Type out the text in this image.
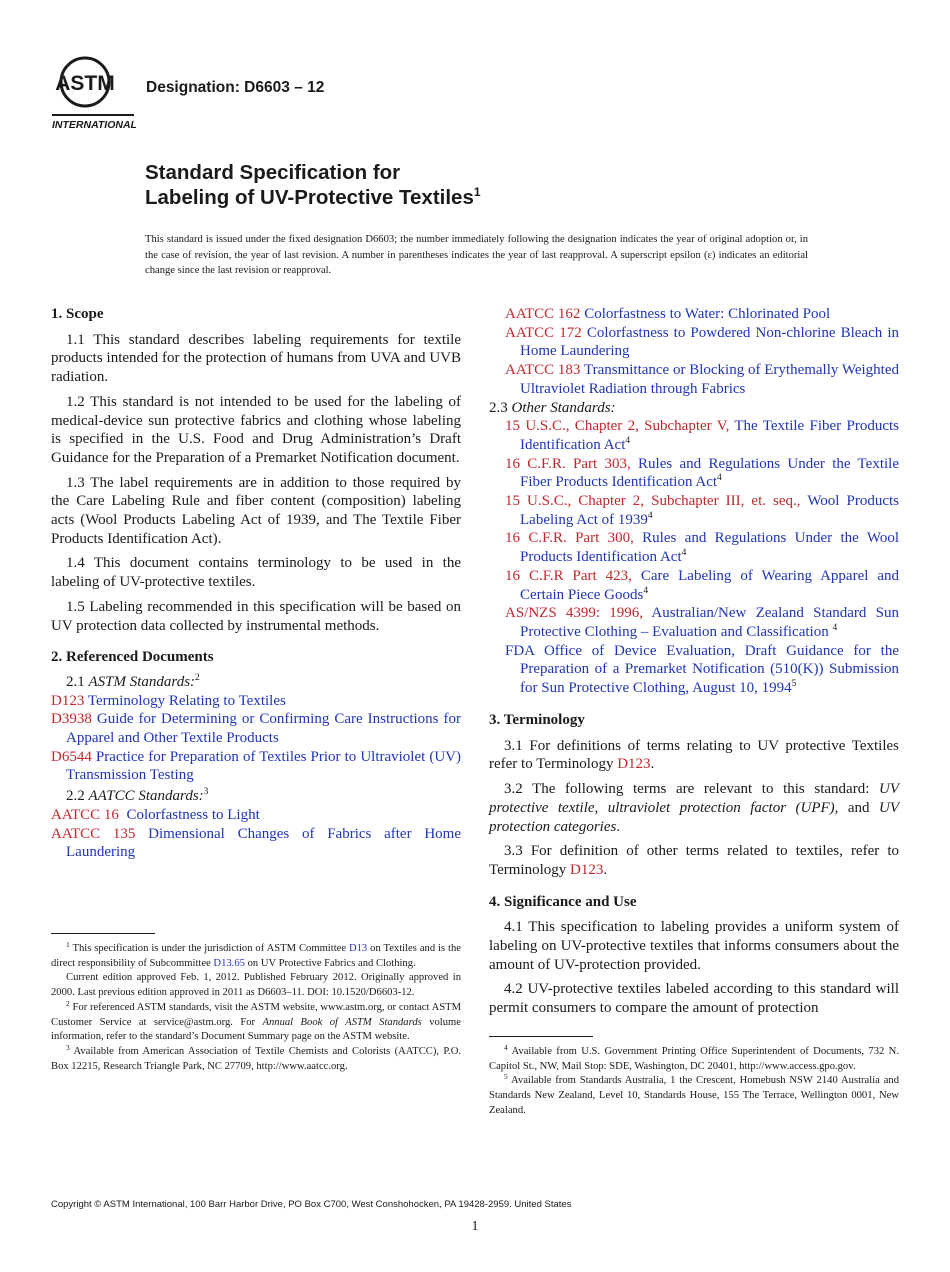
ASTM
INTERNATIONAL
Designation: D6603 – 12
Standard Specification for
Labeling of UV-Protective Textiles$^1$
This standard is issued under the fixed designation D6603; the number immediately following the designation indicates the year of original adoption or, in the case of revision, the year of last revision. A number in parentheses indicates the year of last reapproval. A superscript epsilon (ε) indicates an editorial change since the last revision or reapproval.
1. Scope

1.1 This standard describes labeling requirements for textile products intended for the protection of humans from UVA and UVB radiation.

1.2 This standard is not intended to be used for the labeling of medical-device sun protective fabrics and clothing whose labeling is specified in the U.S. Food and Drug Administration’s Draft Guidance for the Preparation of a Premarket Notification document.

1.3 The label requirements are in addition to those required by the Care Labeling Rule and fiber content (composition) labeling acts (Wool Products Labeling Act of 1939, and The Textile Fiber Products Identification Act).

1.4 This document contains terminology to be used in the labeling of UV-protective textiles.

1.5 Labeling recommended in this specification will be based on UV protection data collected by instrumental methods.

2. Referenced Documents

2.1 ASTM Standards:$^2$

D123 Terminology Relating to Textiles

D3938 Guide for Determining or Confirming Care Instructions for Apparel and Other Textile Products

D6544 Practice for Preparation of Textiles Prior to Ultraviolet (UV) Transmission Testing

2.2 AATCC Standards:$^3$

AATCC 16 Colorfastness to Light

AATCC 135 Dimensional Changes of Fabrics after Home Laundering

$^1$ This specification is under the jurisdiction of ASTM Committee D13 on Textiles and is the direct responsibility of Subcommittee D13.65 on UV Protective Fabrics and Clothing.

Current edition approved Feb. 1, 2012. Published February 2012. Originally approved in 2000. Last previous edition approved in 2011 as D6603–11. DOI: 10.1520/D6603-12.

$^2$ For referenced ASTM standards, visit the ASTM website, www.astm.org, or contact ASTM Customer Service at service@astm.org. For Annual Book of ASTM Standards volume information, refer to the standard’s Document Summary page on the ASTM website.

$^3$ Available from American Association of Textile Chemists and Colorists (AATCC), P.O. Box 12215, Research Triangle Park, NC 27709, http://www.aatcc.org.

AATCC 162 Colorfastness to Water: Chlorinated Pool

AATCC 172 Colorfastness to Powdered Non-chlorine Bleach in Home Laundering

AATCC 183 Transmittance or Blocking of Erythemally Weighted Ultraviolet Radiation through Fabrics

2.3 Other Standards:

15 U.S.C., Chapter 2, Subchapter V, The Textile Fiber Products Identification Act$^4$

16 C.F.R. Part 303, Rules and Regulations Under the Textile Fiber Products Identification Act$^4$

15 U.S.C., Chapter 2, Subchapter III, et. seq., Wool Products Labeling Act of 1939$^4$

16 C.F.R. Part 300, Rules and Regulations Under the Wool Products Identification Act$^4$

16 C.F.R Part 423, Care Labeling of Wearing Apparel and Certain Piece Goods$^4$

AS/NZS 4399: 1996, Australian/New Zealand Standard Sun Protective Clothing – Evaluation and Classification $^4$

FDA Office of Device Evaluation, Draft Guidance for the Preparation of a Premarket Notification (510(K)) Submission for Sun Protective Clothing, August 10, 1994$^5$

3. Terminology

3.1 For definitions of terms relating to UV protective Textiles refer to Terminology D123.

3.2 The following terms are relevant to this standard: UV protective textile, ultraviolet protection factor (UPF), and UV protection categories.

3.3 For definition of other terms related to textiles, refer to Terminology D123.

4. Significance and Use

4.1 This specification to labeling provides a uniform system of labeling on UV-protective textiles that informs consumers about the amount of UV-protection provided.

4.2 UV-protective textiles labeled according to this standard will permit consumers to compare the amount of protection

$^4$ Available from U.S. Government Printing Office Superintendent of Documents, 732 N. Capitol St., NW, Mail Stop: SDE, Washington, DC 20401, http://www.access.gpo.gov.

$^5$ Available from Standards Australia, 1 the Crescent, Homebush NSW 2140 Australia and Standards New Zealand, Level 10, Standards House, 155 The Terrace, Wellington 0001, New Zealand.

Copyright © ASTM International, 100 Barr Harbor Drive, PO Box C700, West Conshohocken, PA 19428-2959. United States
1
